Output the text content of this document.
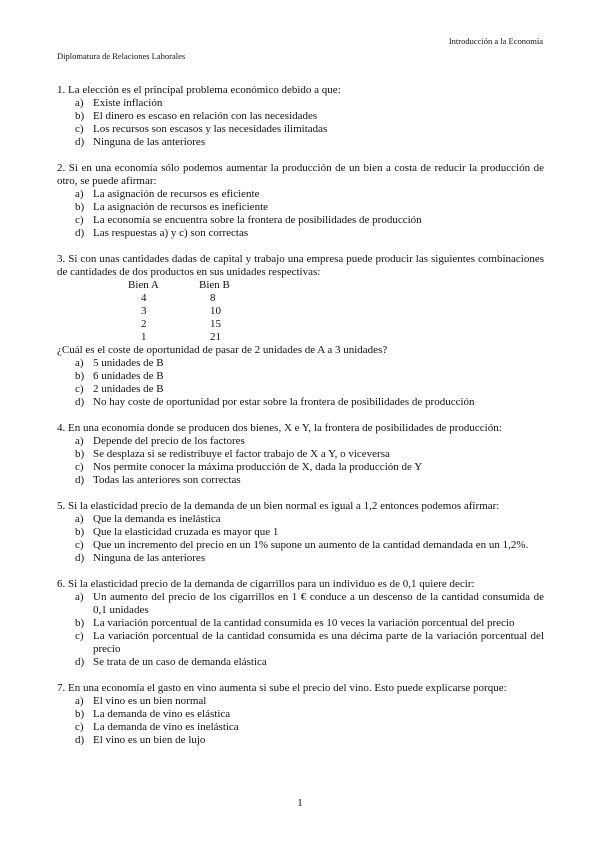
Introducción a la Economía
Diplomatura de Relaciones Laborales
1. La elección es el principal problema económico debido a que:
a) Existe inflación
b) El dinero es escaso en relación con las necesidades
c) Los recursos son escasos y las necesidades ilimitadas
d) Ninguna de las anteriores
2. Si en una economía sólo podemos aumentar la producción de un bien a costa de reducir la producción de otro, se puede afirmar:
a) La asignación de recursos es eficiente
b) La asignación de recursos es ineficiente
c) La economía se encuentra sobre la frontera de posibilidades de producción
d) Las respuestas a) y c) son correctas
3. Si con unas cantidades dadas de capital y trabajo una empresa puede producir las siguientes combinaciones de cantidades de dos productos en sus unidades respectivas:
Bien A	Bien B
4	8
3	10
2	15
1	21
¿Cuál es el coste de oportunidad de pasar de 2 unidades de A a 3 unidades?
a) 5 unidades de B
b) 6 unidades de B
c) 2 unidades de B
d) No hay coste de oportunidad por estar sobre la frontera de posibilidades de producción
4. En una economía donde se producen dos bienes, X e Y, la frontera de posibilidades de producción:
a) Depende del precio de los factores
b) Se desplaza si se redistribuye el factor trabajo de X a Y, o viceversa
c) Nos permite conocer la máxima producción de X, dada la producción de Y
d) Todas las anteriores son correctas
5. Si la elasticidad precio de la demanda de un bien normal es igual a 1,2 entonces podemos afirmar:
a) Que la demanda es inelástica
b) Que la elasticidad cruzada es mayor que 1
c) Que un incremento del precio en un 1% supone un aumento de la cantidad demandada en un 1,2%.
d) Ninguna de las anteriores
6. Si la elasticidad precio de la demanda de cigarrillos para un individuo es de 0,1 quiere decir:
a) Un aumento del precio de los cigarrillos en 1 € conduce a un descenso de la cantidad consumida de 0,1 unidades
b) La variación porcentual de la cantidad consumida es 10 veces la variación porcentual del precio
c) La variación porcentual de la cantidad consumida es una décima parte de la variación porcentual del precio
d) Se trata de un caso de demanda elástica
7. En una economía el gasto en vino aumenta si sube el precio del vino. Esto puede explicarse porque:
a) El vino es un bien normal
b) La demanda de vino es elástica
c) La demanda de vino es inelástica
d) El vino es un bien de lujo
1
